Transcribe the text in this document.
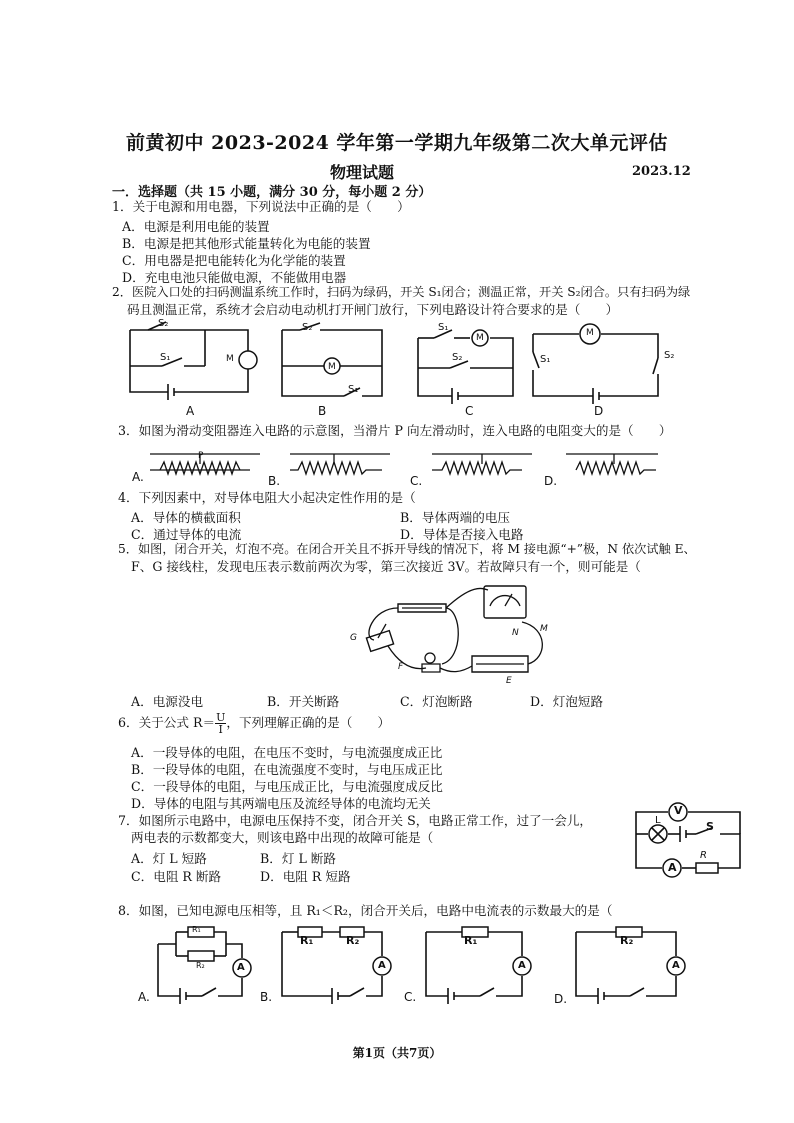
前黄初中 2023-2024 学年第一学期九年级第二次大单元评估
物理试题	2023.12
一．选择题（共 15 小题，满分 30 分，每小题 2 分）
1．关于电源和用电器，下列说法中正确的是（　　）
A．电源是利用电能的装置
B．电源是把其他形式能量转化为电能的装置
C．用电器是把电能转化为化学能的装置
D．充电电池只能做电源，不能做用电器
2．医院入口处的扫码测温系统工作时，扫码为绿码，开关 S₁闭合；测温正常，开关 S₂闭合。只有扫码为绿
码且测温正常，系统才会启动电动机打开闸门放行，下列电路设计符合要求的是（　　）
M
S₂
S₁
A
M
S₂
S₁
B
M
S₁
S₂
C
M
S₁	S₂
D
3．如图为滑动变阻器连入电路的示意图，当滑片 P 向左滑动时，连入电路的电阻变大的是（　　）
A.	B.	C.	D.
P
4．下列因素中，对导体电阻大小起决定性作用的是（
A．导体的横截面积	B．导体两端的电压
C．通过导体的电流	D．导体是否接入电路
5．如图，闭合开关，灯泡不亮。在闭合开关且不拆开导线的情况下，将 M 接电源“+”极，N 依次试触 E、
F、G 接线柱，发现电压表示数前两次为零，第三次接近 3V。若故障只有一个，则可能是（
G
F
E
N M
A．电源没电	B．开关断路	C．灯泡断路	D．灯泡短路
6．关于公式 $R= \frac{U}{I}$ ，下列理解正确的是（　　）
A．一段导体的电阻，在电压不变时，与电流强度成正比
B．一段导体的电阻，在电流强度不变时，与电压成正比
C．一段导体的电阻，与电压成正比，与电流强度成反比
D．导体的电阻与其两端电压及流经导体的电流均无关
7．如图所示电路中，电源电压保持不变，闭合开关 S，电路正常工作，过了一会儿，
两电表的示数都变大，则该电路中出现的故障可能是（
A．灯 L 短路	B．灯 L 断路
C．电阻 R 断路	D．电阻 R 短路
V
A
L	S
R
8．如图，已知电源电压相等，且 R₁＜R₂，闭合开关后，电路中电流表的示数最大的是（
R₁
R₂	A
A.
R₁	R₂
A
B.
R₁
A
C.
R₂
A
D.
第1页（共7页）
